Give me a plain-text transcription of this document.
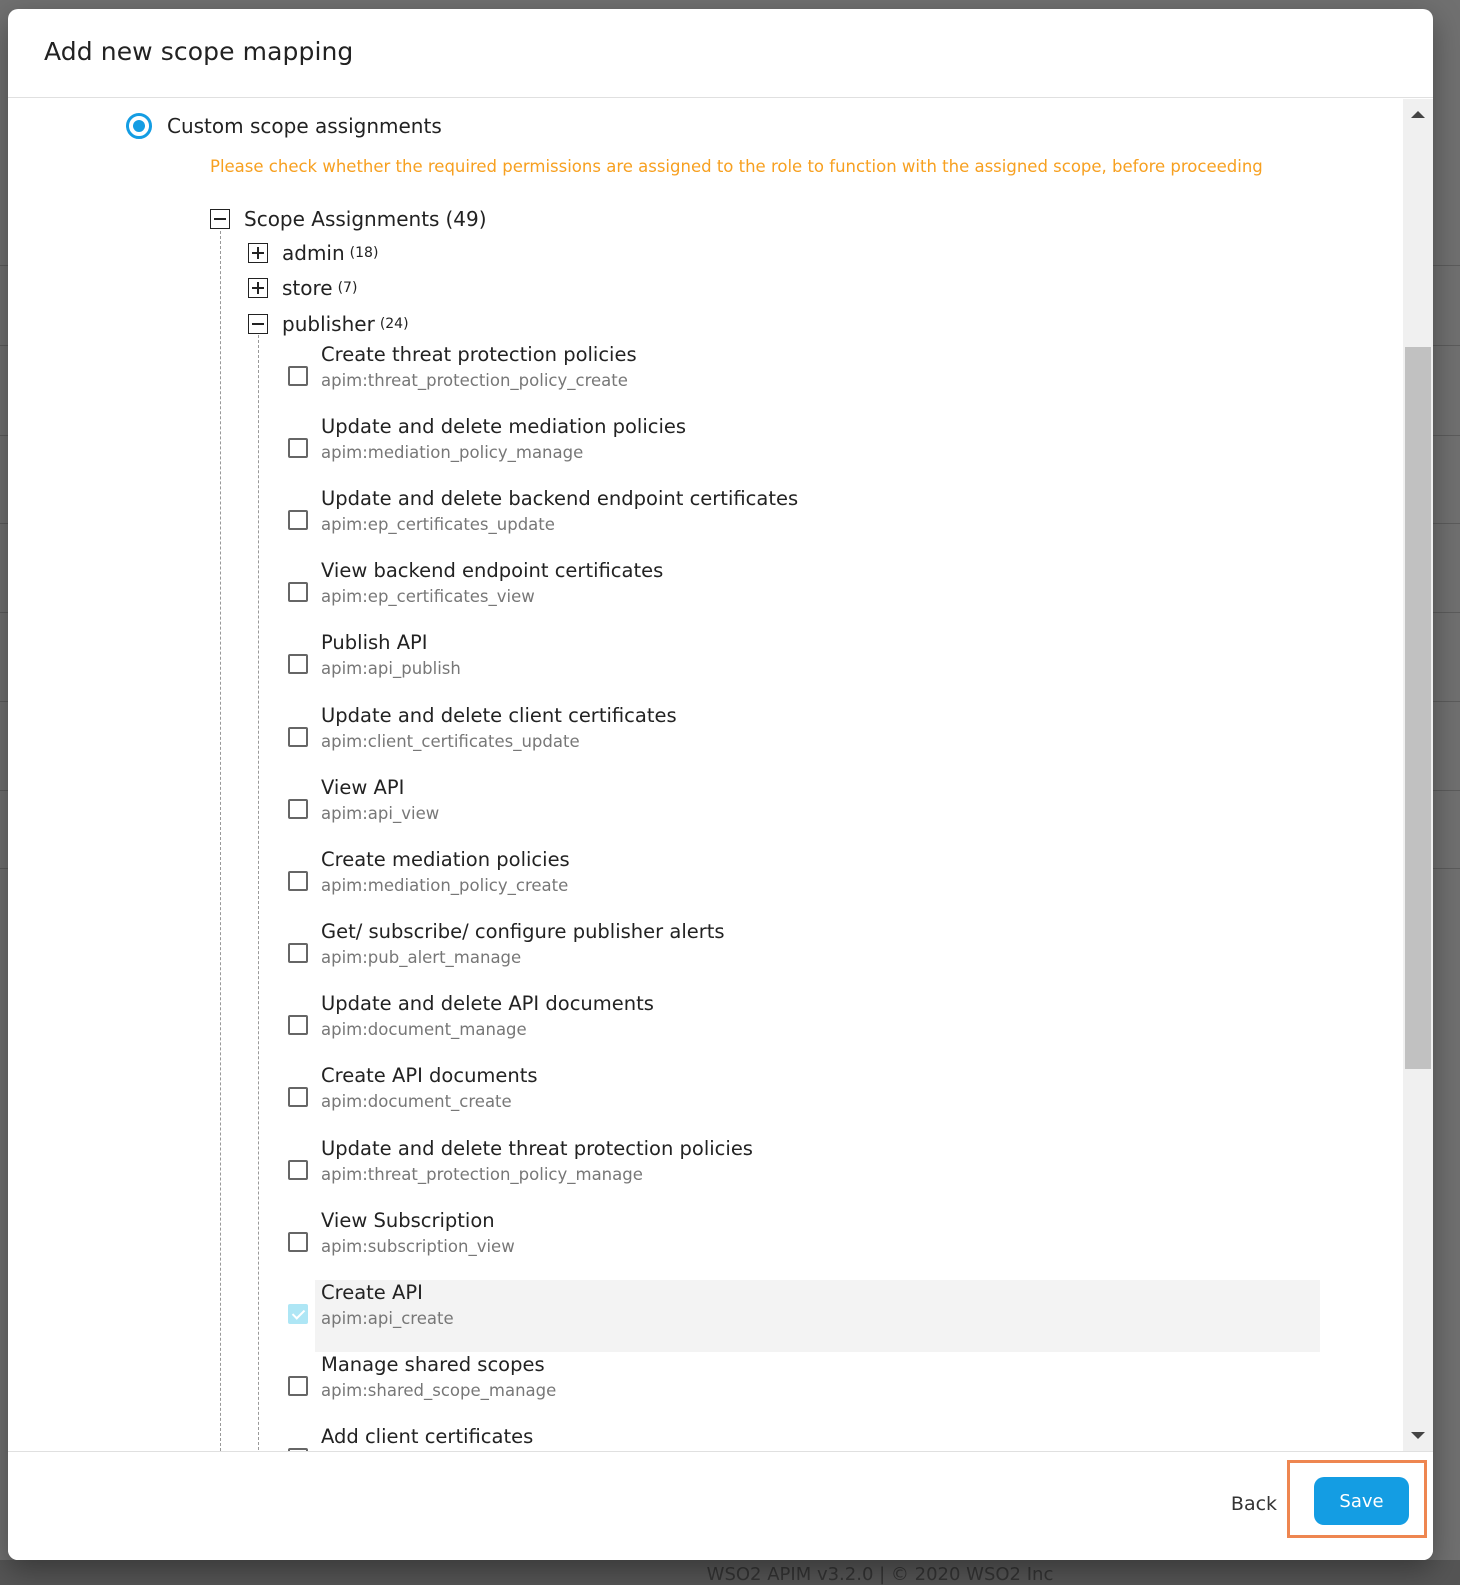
WSO2 APIM v3.2.0 | © 2020 WSO2 Inc
Add new scope mapping
Custom scope assignments
Please check whether the required permissions are assigned to the role to function with the assigned scope, before proceeding
Scope Assignments (49)
admin (18)
store (7)
publisher (24)
Create threat protection policies
apim:threat_protection_policy_create
Update and delete mediation policies
apim:mediation_policy_manage
Update and delete backend endpoint certificates
apim:ep_certificates_update
View backend endpoint certificates
apim:ep_certificates_view
Publish API
apim:api_publish
Update and delete client certificates
apim:client_certificates_update
View API
apim:api_view
Create mediation policies
apim:mediation_policy_create
Get/ subscribe/ configure publisher alerts
apim:pub_alert_manage
Update and delete API documents
apim:document_manage
Create API documents
apim:document_create
Update and delete threat protection policies
apim:threat_protection_policy_manage
View Subscription
apim:subscription_view
Create API
apim:api_create
Manage shared scopes
apim:shared_scope_manage
Add client certificates
Back	Save
